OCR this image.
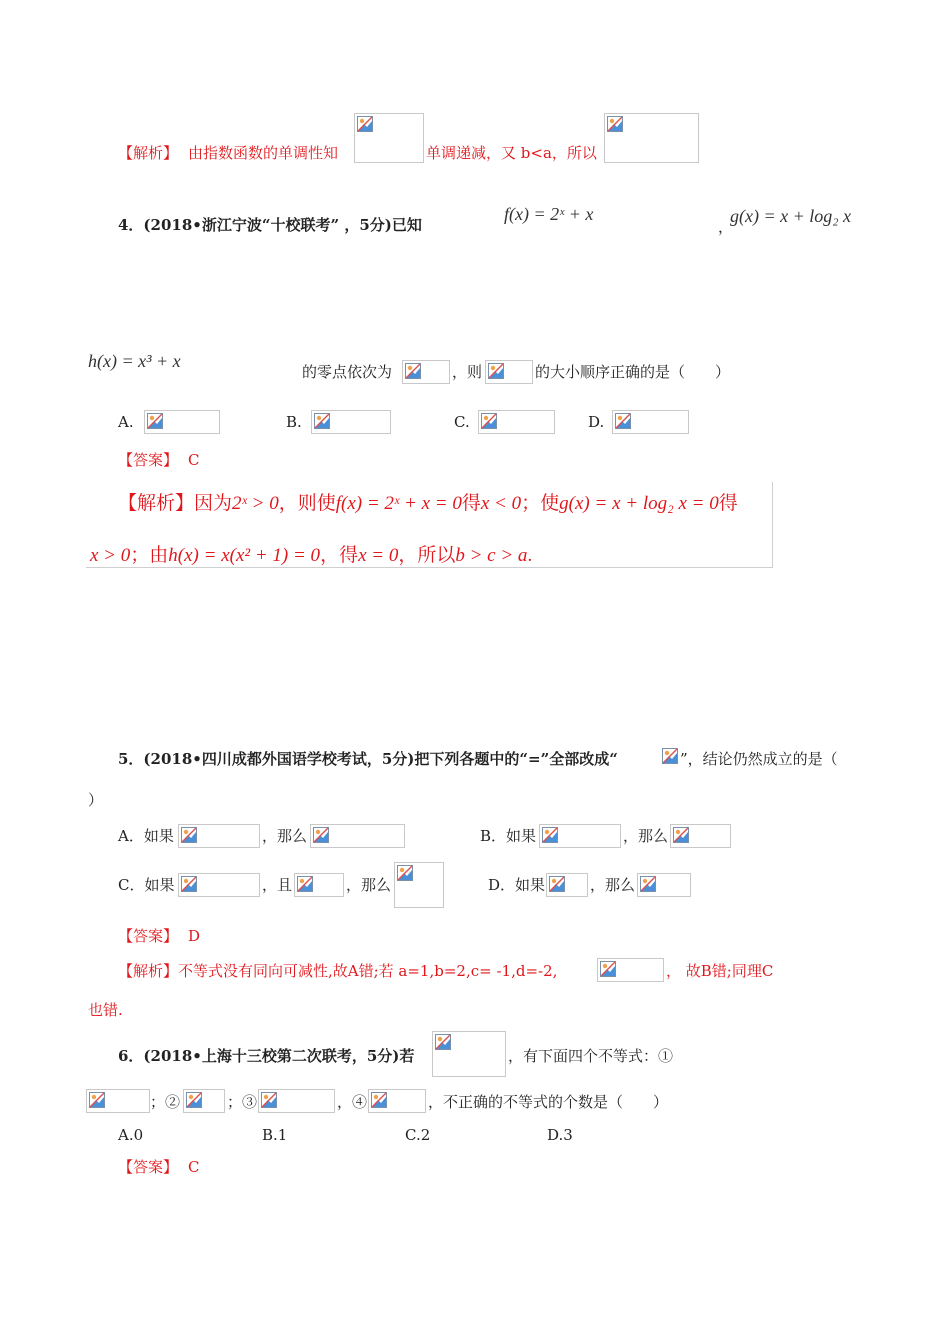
【解析】 由指数函数的单调性知	单调递减，又 b<a，所以
4．(2018•浙江宁波“十校联考” ，5分)已知
f(x) = 2ˣ + x
，
g(x) = x + log₂ x
h(x) = x³ + x
的零点依次为	，则	的大小顺序正确的是（　　）
A.	B.	C.	D.
【答案】 C
【解析】因为2ˣ > 0，则使f(x) = 2ˣ + x = 0得x < 0；使g(x) = x + log₂ x = 0得
x > 0；由h(x) = x(x² + 1) = 0，得x = 0，所以b > c > a.
5．(2018•四川成都外国语学校考试，5分)把下列各题中的“=”全部改成“	”，结论仍然成立的是（
）
A．如果	，那么	B．如果	，那么
C．如果	，且	，那么	D．如果	，那么
【答案】 D
【解析】不等式没有同向可减性,故A错;若 a=1,b=2,c= -1,d=-2,	， 故B错;同理C
也错.
6．(2018•上海十三校第二次联考，5分)若	，有下面四个不等式：①
；②	；③	，④	，不正确的不等式的个数是（　　）
A.0	B.1	C.2	D.3
【答案】 C
